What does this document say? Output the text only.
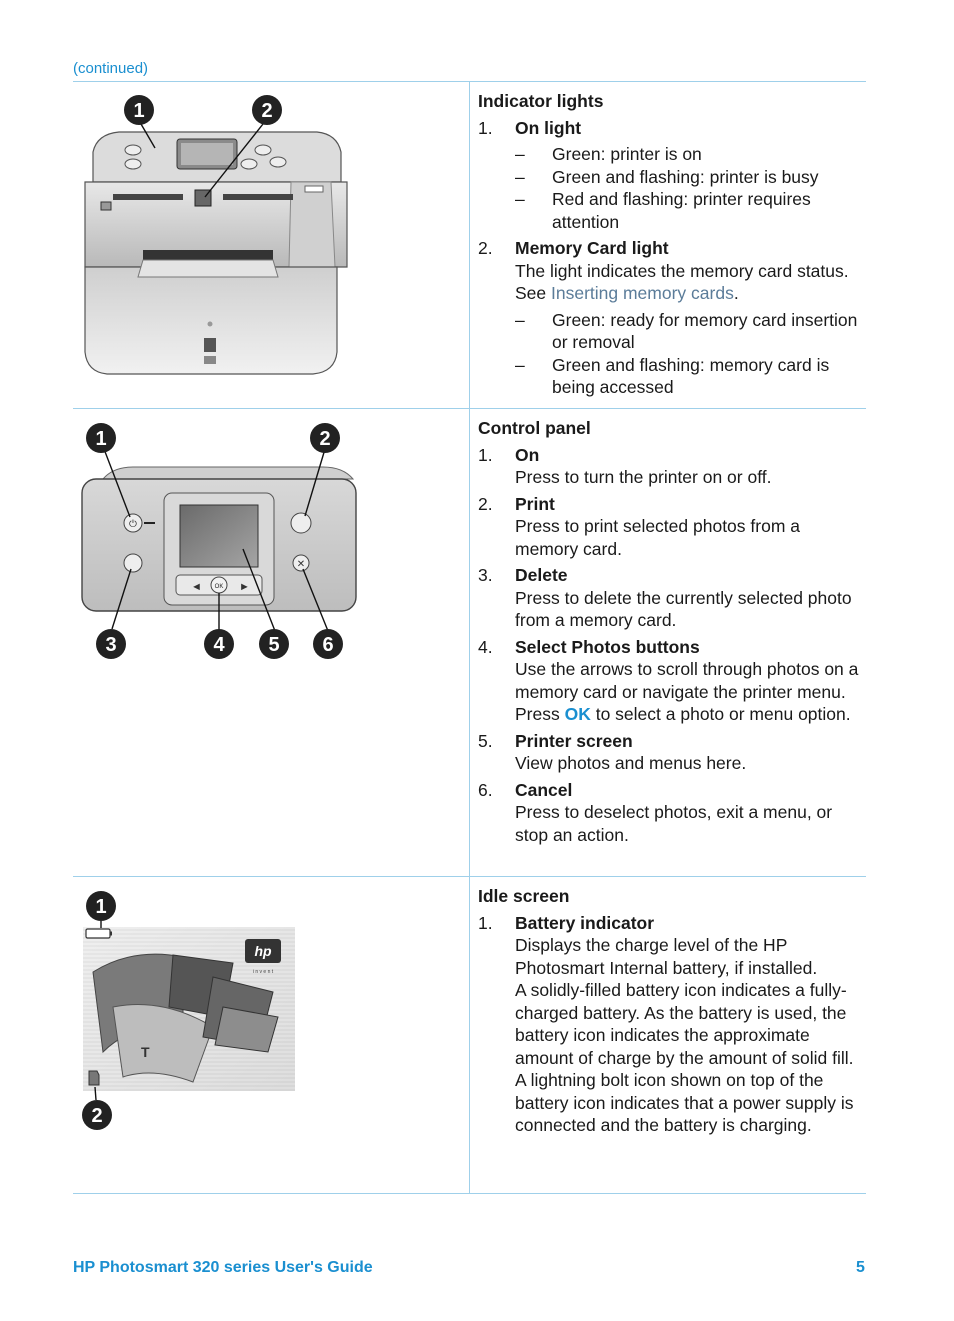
(continued)
1	2	Indicator lights
1. On light
– Green: printer is on
– Green and flashing: printer is busy
– Red and flashing: printer requires attention
2. Memory Card light

The light indicates the memory card status. See Inserting memory cards.

– Green: ready for memory card insertion or removal
– Green and flashing: memory card is being accessed
◄	►
OK
⏻
✕
1	2
3	4 5 6
Control panel
1. On

Press to turn the printer on or off.

2. Print

Press to print selected photos from a memory card.

3. Delete

Press to delete the currently selected photo from a memory card.

4. Select Photos buttons

Use the arrows to scroll through photos on a memory card or navigate the printer menu. Press OK to select a photo or menu option.

5. Printer screen

View photos and menus here.

6. Cancel

Press to deselect photos, exit a menu, or stop an action.

T
hp
i n v e n t
1
2
Idle screen
1. Battery indicator

Displays the charge level of the HP Photosmart Internal battery, if installed.

A solidly-filled battery icon indicates a fully-charged battery. As the battery is used, the battery icon indicates the approximate amount of charge by the amount of solid fill.

A lightning bolt icon shown on top of the battery icon indicates that a power supply is connected and the battery is charging.

HP Photosmart 320 series User's Guide	5
